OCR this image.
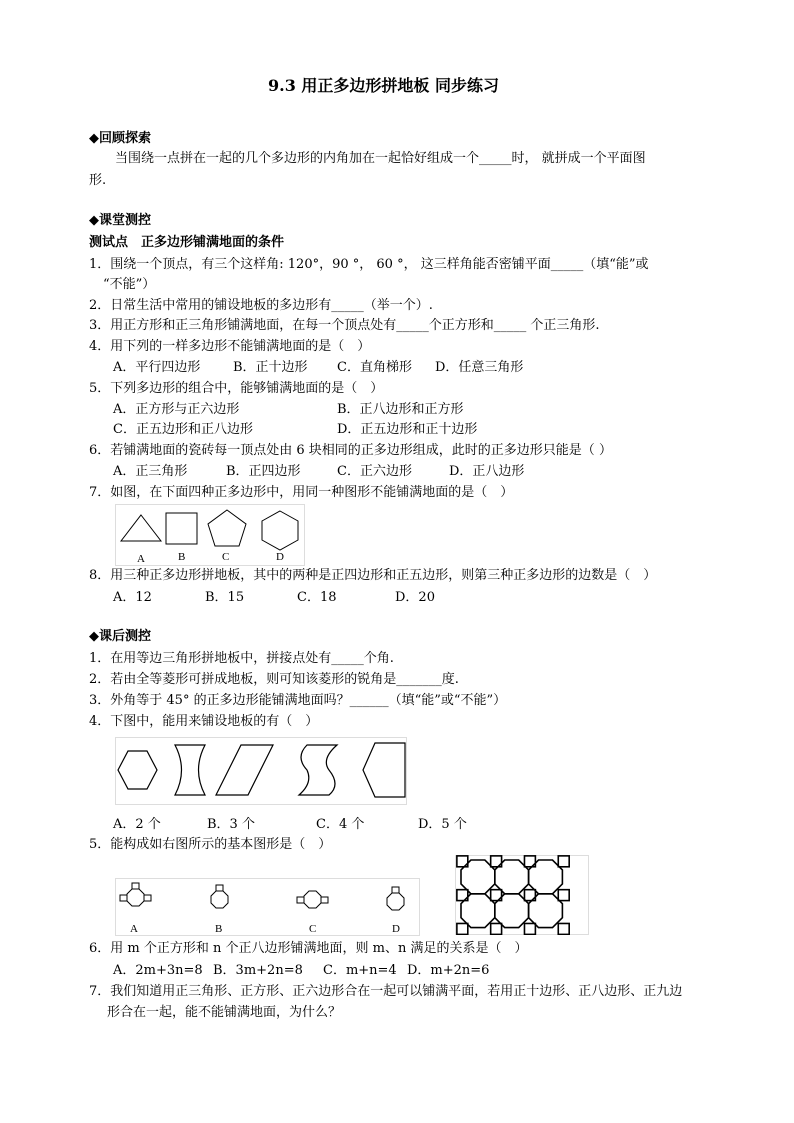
9.3 用正多边形拼地板 同步练习
◆回顾探索
当围绕一点拼在一起的几个多边形的内角加在一起恰好组成一个_____时， 就拼成一个平面图
形.
◆课堂测控
测试点　正多边形铺满地面的条件
1．围绕一个顶点，有三个这样角: 120°，90 °， 60 °， 这三样角能否密铺平面_____（填“能”或
“不能”）
2．日常生活中常用的铺设地板的多边形有_____（举一个）.
3．用正方形和正三角形铺满地面，在每一个顶点处有_____个正方形和_____ 个正三角形.
4．用下列的一样多边形不能铺满地面的是（　）
A．平行四边形	B．正十边形 C．直角梯形 D．任意三角形
5．下列多边形的组合中，能够铺满地面的是（　）
A．正方形与正六边形	B．正八边形和正方形
C．正五边形和正八边形	D．正五边形和正十边形
6．若铺满地面的瓷砖每一顶点处由 6 块相同的正多边形组成，此时的正多边形只能是（ ）
A．正三角形	B．正四边形	C．正六边形	D．正八边形
7．如图，在下面四种正多边形中，用同一种图形不能铺满地面的是（　）
A	B	C	D
8．用三种正多边形拼地板，其中的两种是正四边形和正五边形，则第三种正多边形的边数是（　）
A．12	B．15	C．18	D．20
◆课后测控
1．在用等边三角形拼地板中，拼接点处有_____个角.
2．若由全等菱形可拼成地板，则可知该菱形的锐角是_______度.
3．外角等于 45° 的正多边形能铺满地面吗？______（填“能”或“不能”）
4．下图中，能用来铺设地板的有（　）
A．2 个	B．3 个	C．4 个	D．5 个
5．能构成如右图所示的基本图形是（　）
A	B	C	D
6．用 m 个正方形和 n 个正八边形铺满地面，则 m、n 满足的关系是（　）
A．2m+3n=8 B．3m+2n=8 C．m+n=4 D．m+2n=6
7．我们知道用正三角形、正方形、正六边形合在一起可以铺满平面，若用正十边形、正八边形、正九边
形合在一起，能不能铺满地面，为什么？
